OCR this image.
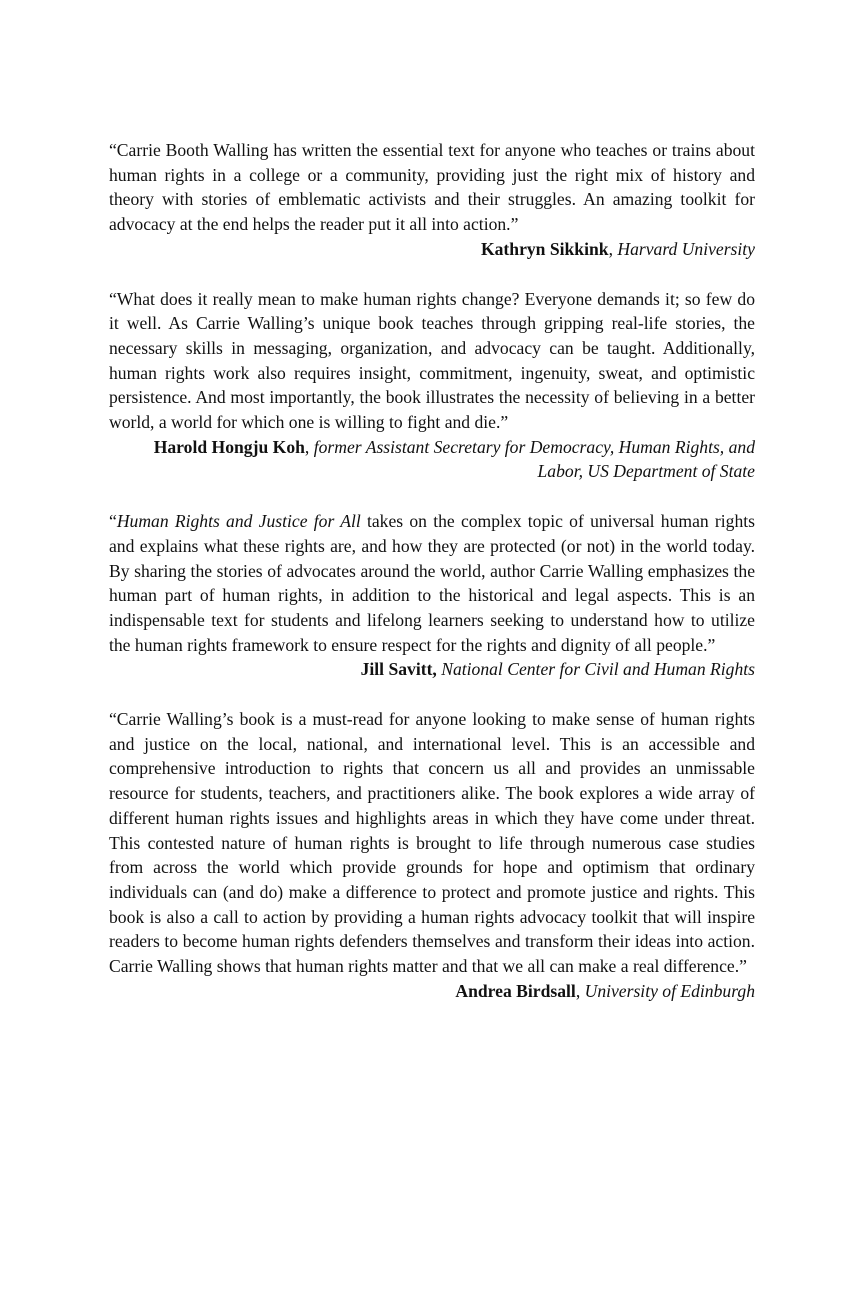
“Carrie Booth Walling has written the essential text for anyone who teaches or trains about human rights in a college or a community, providing just the right mix of history and theory with stories of emblematic activists and their struggles. An amazing toolkit for advocacy at the end helps the reader put it all into action.”

Kathryn Sikkink, Harvard University

“What does it really mean to make human rights change? Everyone demands it; so few do it well. As Carrie Walling’s unique book teaches through gripping real-life stories, the necessary skills in messaging, organization, and advocacy can be taught. Additionally, human rights work also requires insight, commitment, ingenuity, sweat, and optimistic persistence. And most importantly, the book illustrates the necessity of believing in a better world, a world for which one is willing to fight and die.”

Harold Hongju Koh, former Assistant Secretary for Democracy, Human Rights, and Labor, US Department of State

“Human Rights and Justice for All takes on the complex topic of universal human rights and explains what these rights are, and how they are protected (or not) in the world today. By sharing the stories of advocates around the world, author Carrie Walling emphasizes the human part of human rights, in addition to the historical and legal aspects. This is an indispensable text for students and lifelong learners seeking to understand how to utilize the human rights framework to ensure respect for the rights and dignity of all people.”

Jill Savitt, National Center for Civil and Human Rights

“Carrie Walling’s book is a must-read for anyone looking to make sense of human rights and justice on the local, national, and international level. This is an accessible and comprehensive introduction to rights that concern us all and provides an unmissable resource for students, teachers, and practitioners alike. The book explores a wide array of different human rights issues and highlights areas in which they have come under threat. This contested nature of human rights is brought to life through numerous case studies from across the world which provide grounds for hope and optimism that ordinary individuals can (and do) make a difference to protect and promote justice and rights. This book is also a call to action by providing a human rights advocacy toolkit that will inspire readers to become human rights defenders themselves and transform their ideas into action. Carrie Walling shows that human rights matter and that we all can make a real difference.”

Andrea Birdsall, University of Edinburgh
